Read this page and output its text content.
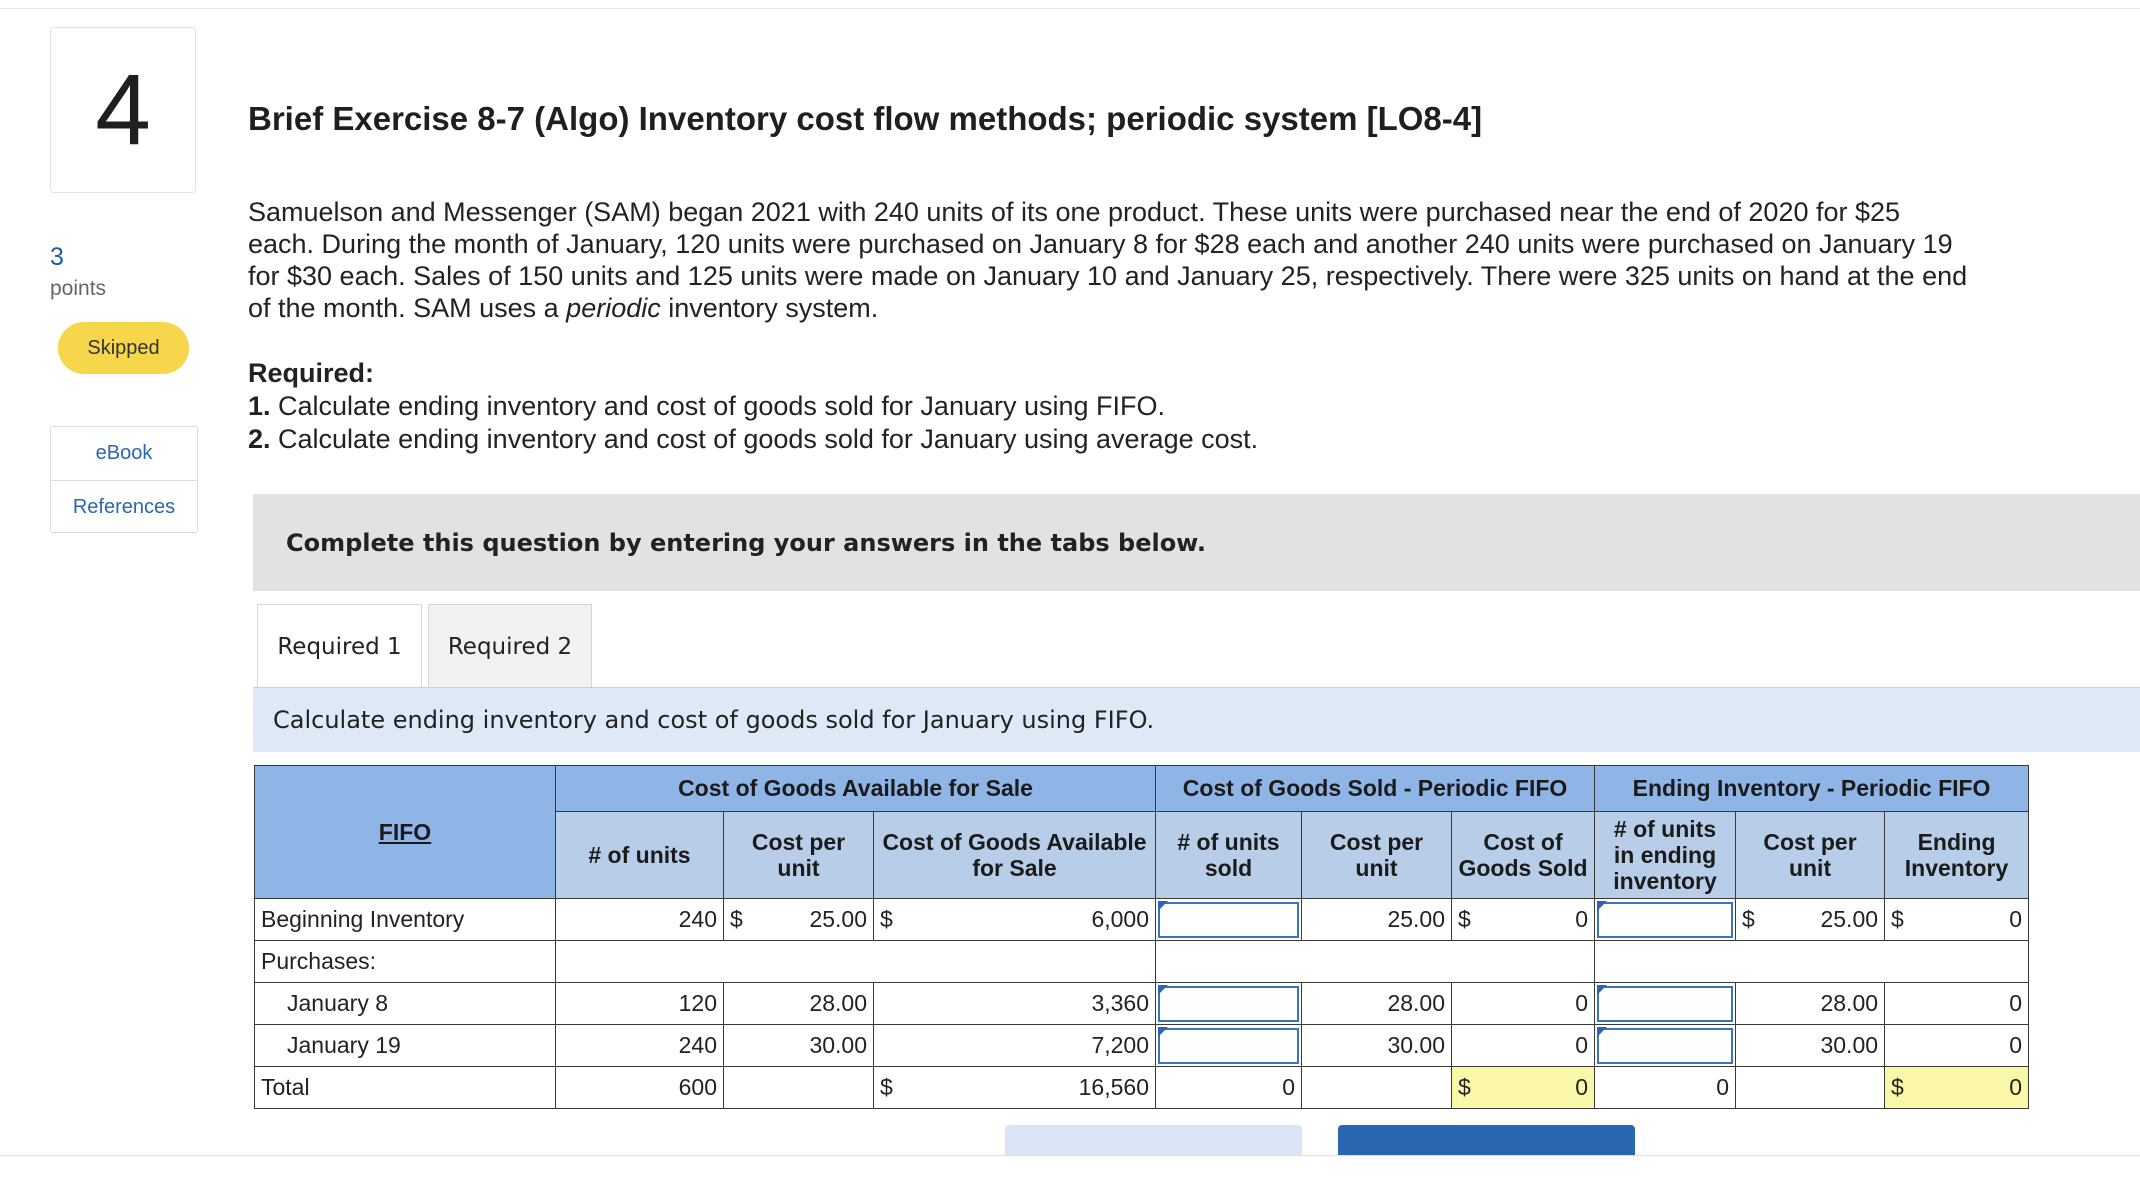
4
3
points
Skipped
eBook
References
Brief Exercise 8-7 (Algo) Inventory cost flow methods; periodic system [LO8-4]
Samuelson and Messenger (SAM) began 2021 with 240 units of its one product. These units were purchased near the end of 2020 for $25 each. During the month of January, 120 units were purchased on January 8 for $28 each and another 240 units were purchased on January 19 for $30 each. Sales of 150 units and 125 units were made on January 10 and January 25, respectively. There were 325 units on hand at the end of the month. SAM uses a periodic inventory system.
Required:
1. Calculate ending inventory and cost of goods sold for January using FIFO.
2. Calculate ending inventory and cost of goods sold for January using average cost.
Complete this question by entering your answers in the tabs below.
Required 1	Required 2
Calculate ending inventory and cost of goods sold for January using FIFO.
FIFO	Cost of Goods Available for Sale			Cost of Goods Sold - Periodic FIFO			Ending Inventory - Periodic FIFO		
	# of units	Cost per unit	Cost of Goods Available for Sale	# of units sold	Cost per unit	Cost of Goods Sold	# of units in ending inventory	Cost per unit	Ending Inventory
Beginning Inventory	240	$ 25.00	$ 6,000		25.00	$ 0		$ 25.00	$ 0

Purchases:									
January 8	120	28.00	3,360		28.00	0		28.00	0
January 19	240	30.00	7,200		30.00	0		30.00	0
Total	600		$ 16,560	0		$ 0	0		$ 0
